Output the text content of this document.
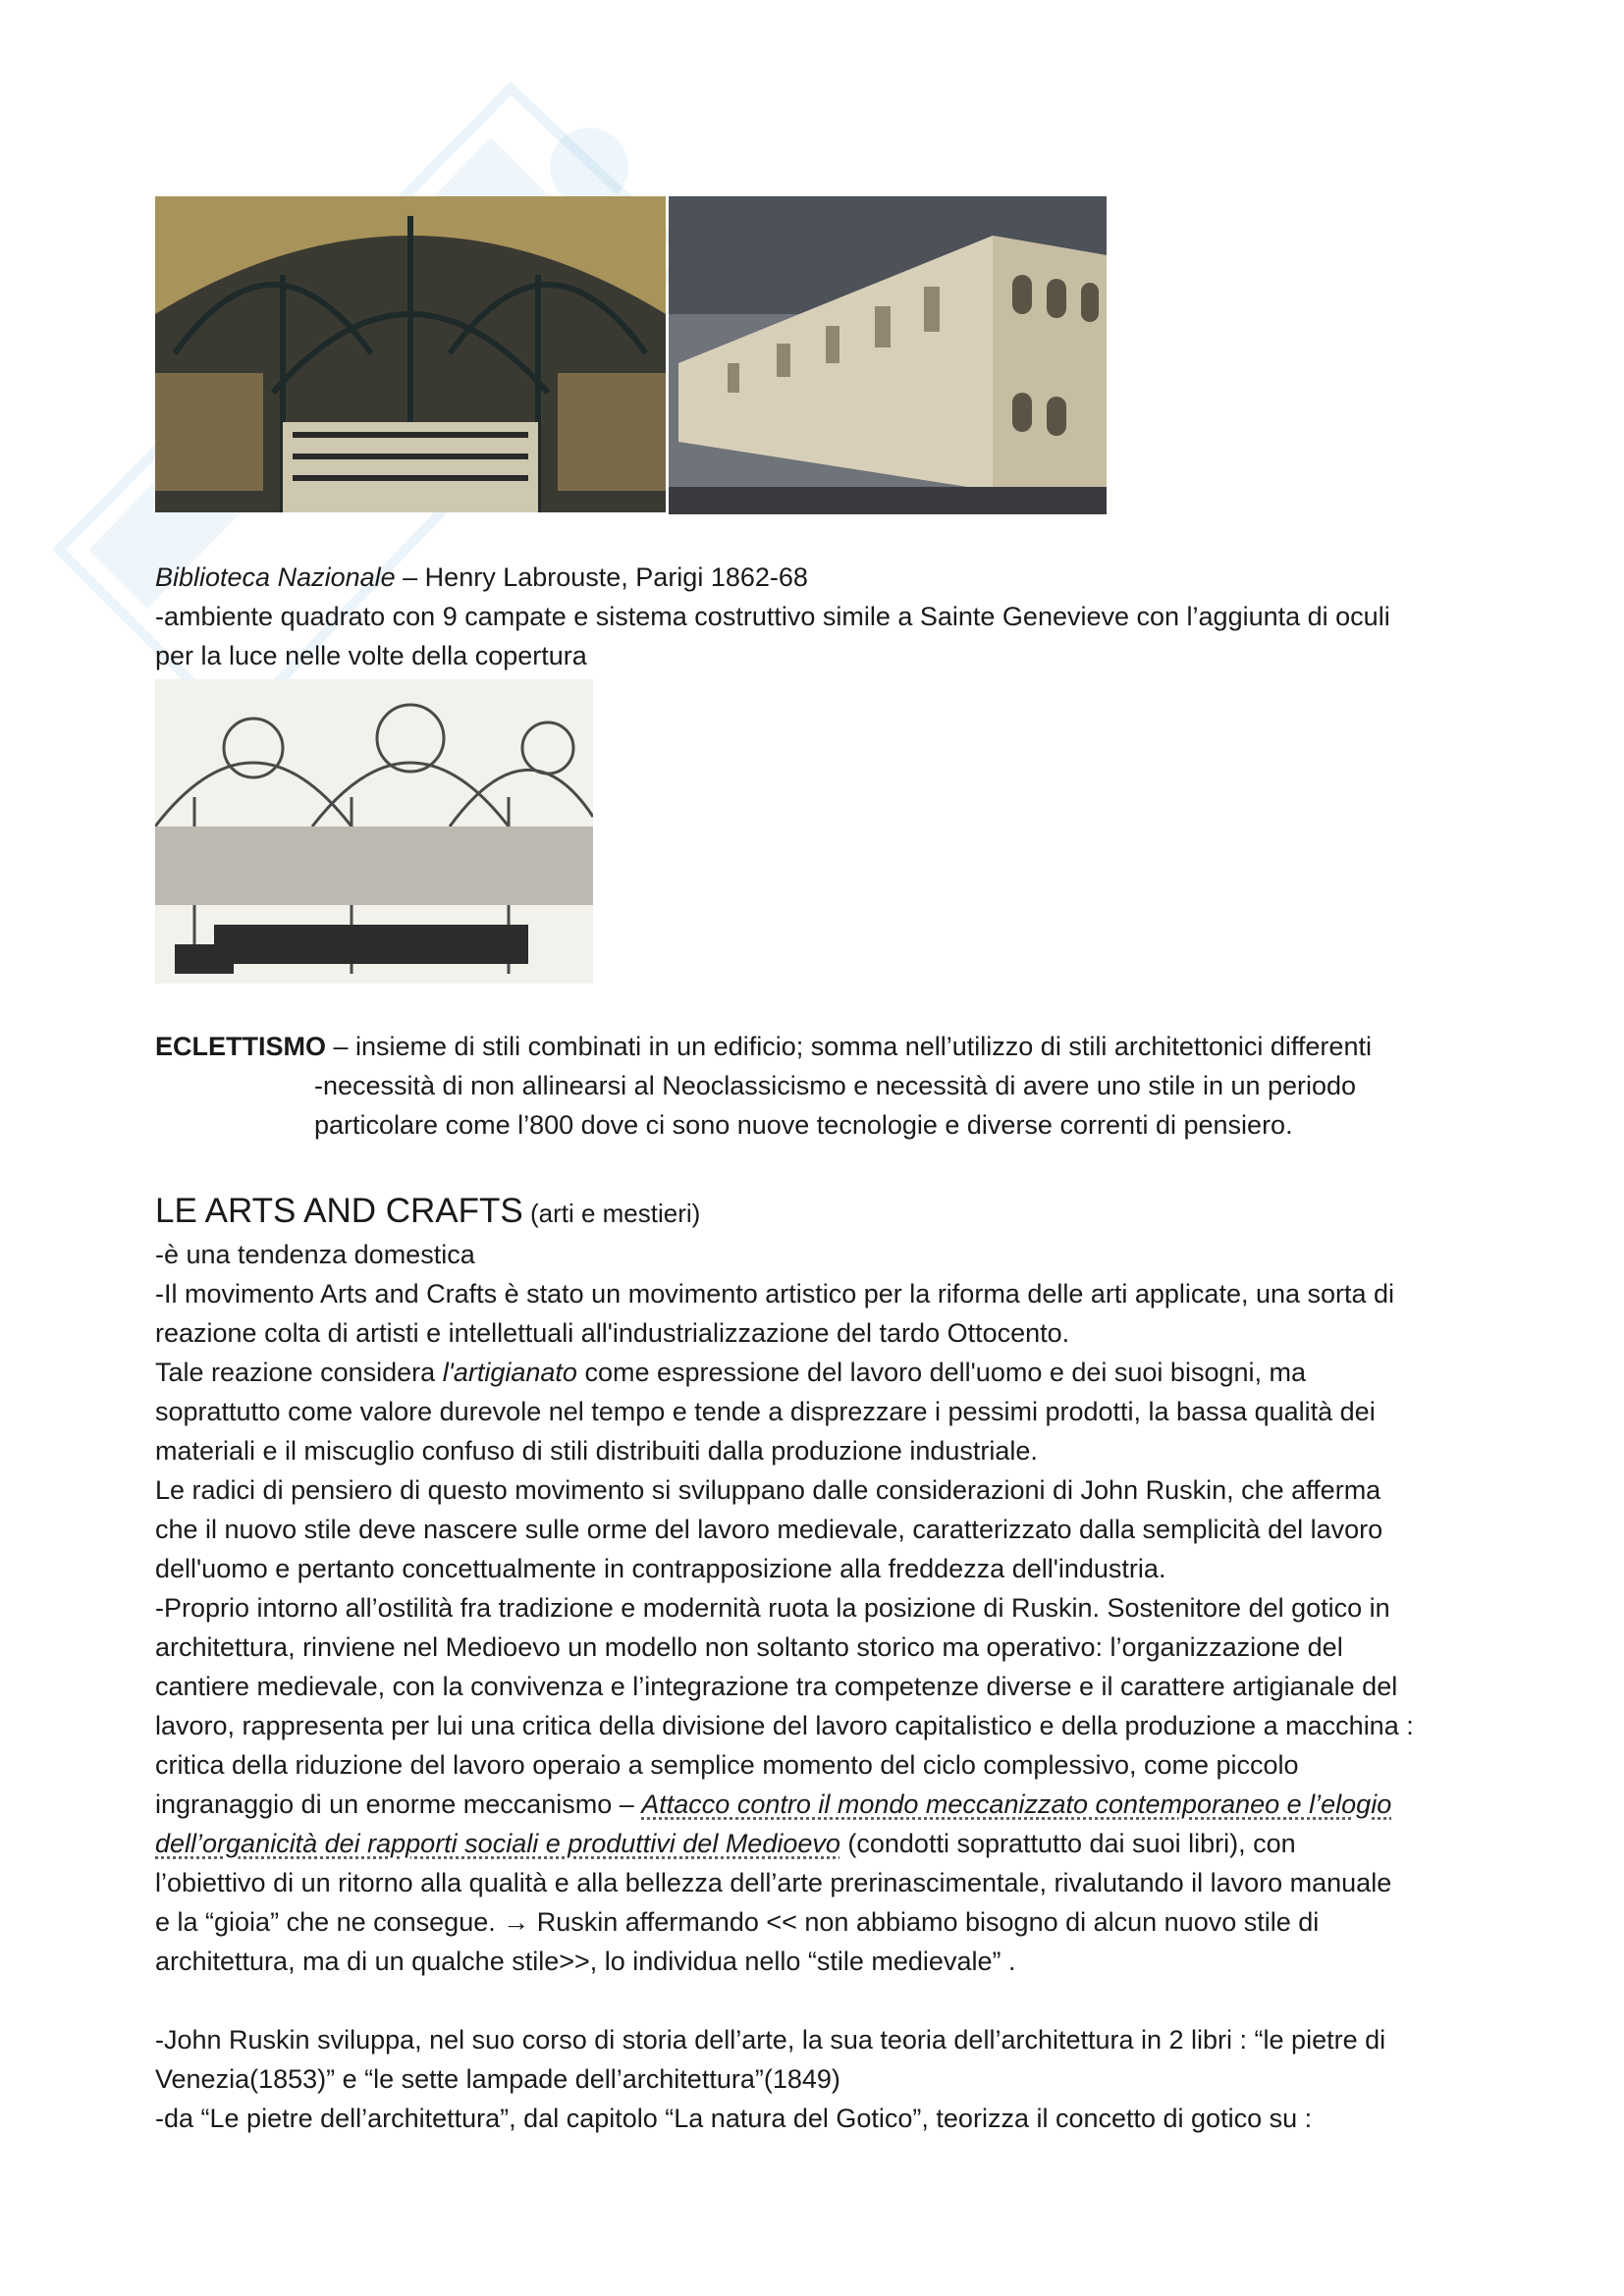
Biblioteca Nazionale – Henry Labrouste, Parigi 1862-68
-ambiente quadrato con 9 campate e sistema costruttivo simile a Sainte Genevieve con l’aggiunta di oculi
per la luce nelle volte della copertura
ECLETTISMO – insieme di stili combinati in un edificio; somma nell’utilizzo di stili architettonici differenti
-necessità di non allinearsi al Neoclassicismo e necessità di avere uno stile in un periodo
particolare come l’800 dove ci sono nuove tecnologie e diverse correnti di pensiero.
LE ARTS AND CRAFTS (arti e mestieri)
-è una tendenza domestica
-Il movimento Arts and Crafts è stato un movimento artistico per la riforma delle arti applicate, una sorta di
reazione colta di artisti e intellettuali all'industrializzazione del tardo Ottocento.
Tale reazione considera l'artigianato come espressione del lavoro dell'uomo e dei suoi bisogni, ma
soprattutto come valore durevole nel tempo e tende a disprezzare i pessimi prodotti, la bassa qualità dei
materiali e il miscuglio confuso di stili distribuiti dalla produzione industriale.
Le radici di pensiero di questo movimento si sviluppano dalle considerazioni di John Ruskin, che afferma
che il nuovo stile deve nascere sulle orme del lavoro medievale, caratterizzato dalla semplicità del lavoro
dell'uomo e pertanto concettualmente in contrapposizione alla freddezza dell'industria.
-Proprio intorno all’ostilità fra tradizione e modernità ruota la posizione di Ruskin. Sostenitore del gotico in
architettura, rinviene nel Medioevo un modello non soltanto storico ma operativo: l’organizzazione del
cantiere medievale, con la convivenza e l’integrazione tra competenze diverse e il carattere artigianale del
lavoro, rappresenta per lui una critica della divisione del lavoro capitalistico e della produzione a macchina :
critica della riduzione del lavoro operaio a semplice momento del ciclo complessivo, come piccolo
ingranaggio di un enorme meccanismo – Attacco contro il mondo meccanizzato contemporaneo e l’elogio
dell’organicità dei rapporti sociali e produttivi del Medioevo (condotti soprattutto dai suoi libri), con
l’obiettivo di un ritorno alla qualità e alla bellezza dell’arte prerinascimentale, rivalutando il lavoro manuale
e la “gioia” che ne consegue. → Ruskin affermando << non abbiamo bisogno di alcun nuovo stile di
architettura, ma di un qualche stile>>, lo individua nello “stile medievale” .
-John Ruskin sviluppa, nel suo corso di storia dell’arte, la sua teoria dell’architettura in 2 libri : “le pietre di
Venezia(1853)” e “le sette lampade dell’architettura”(1849)
-da “Le pietre dell’architettura”, dal capitolo “La natura del Gotico”, teorizza il concetto di gotico su :
